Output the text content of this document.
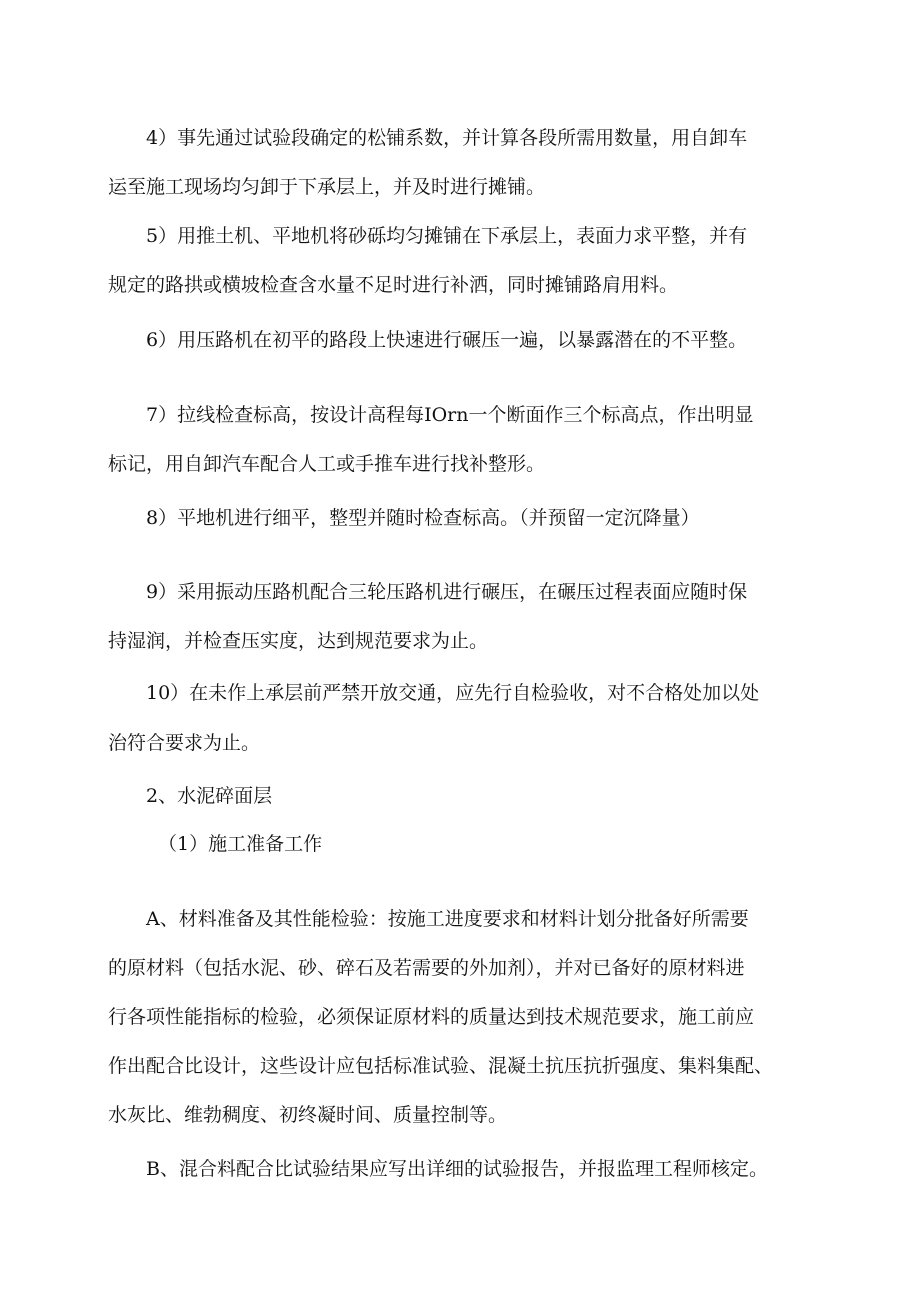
4）事先通过试验段确定的松铺系数，并计算各段所需用数量，用自卸车

运至施工现场均匀卸于下承层上，并及时进行摊铺。

5）用推土机、平地机将砂砾均匀摊铺在下承层上，表面力求平整，并有

规定的路拱或横坡检查含水量不足时进行补洒，同时摊铺路肩用料。

6）用压路机在初平的路段上快速进行碾压一遍，以暴露潜在的不平整。

7）拉线检查标高，按设计高程每IOrn一个断面作三个标高点，作出明显

标记，用自卸汽车配合人工或手推车进行找补整形。

8）平地机进行细平，整型并随时检查标高。（并预留一定沉降量）

9）采用振动压路机配合三轮压路机进行碾压，在碾压过程表面应随时保

持湿润，并检查压实度，达到规范要求为止。

10）在未作上承层前严禁开放交通，应先行自检验收，对不合格处加以处

治符合要求为止。

2、水泥碎面层

（1）施工准备工作

A、材料准备及其性能检验：按施工进度要求和材料计划分批备好所需要

的原材料（包括水泥、砂、碎石及若需要的外加剂），并对已备好的原材料进

行各项性能指标的检验，必须保证原材料的质量达到技术规范要求，施工前应

作出配合比设计，这些设计应包括标准试验、混凝土抗压抗折强度、集料集配、

水灰比、维勃稠度、初终凝时间、质量控制等。

B、混合料配合比试验结果应写出详细的试验报告，并报监理工程师核定。
